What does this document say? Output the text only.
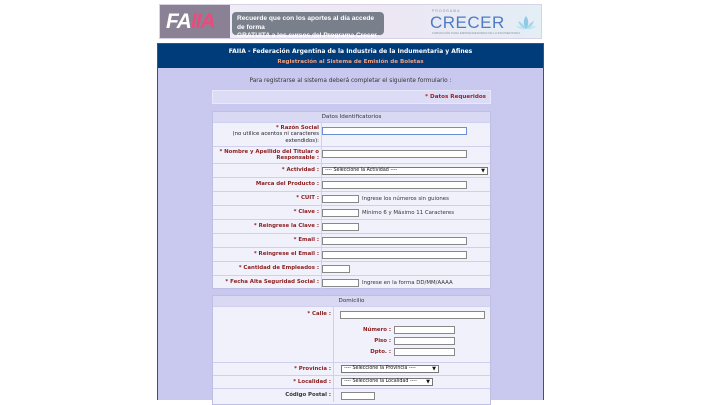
FAIIA	Recuerde que con los aportes al día accede de forma
GRATUITA a los cursos del Programa Crecer
PROGRAMA
CRECER
FORMACIÓN PARA EMPRENDEDORES DE LA INDUMENTARIA
FAIIA - Federación Argentina de la Industria de la Indumentaria y Afines
Registración al Sistema de Emisión de Boletas
Para registrarse al sistema deberá completar el siguiente formulario :
* Datos Requeridos
Datos Identificatorios
* Razón Social
(no utilice acentos ni caracteres
extendidos):
* Nombre y Apellido del Titular o
Responsable :
* Actividad :	---- Seleccione la Actividad ----	▼
Marca del Producto :
* CUIT :	Ingrese los números sin guiones
* Clave :	Mínimo 6 y Máximo 11 Caracteres
* Reingrese la Clave :
* Email :
* Reingrese el Email :
* Cantidad de Empleados :
* Fecha Alta Seguridad Social :	Ingrese en la forma DD/MM/AAAA
Domicilio
* Calle :
Número :
Piso :
Dpto. :
* Provincia :	---- Seleccione la Provincia ----	▼
* Localidad :	---- Seleccione la Localidad ---- ▼
Código Postal :
